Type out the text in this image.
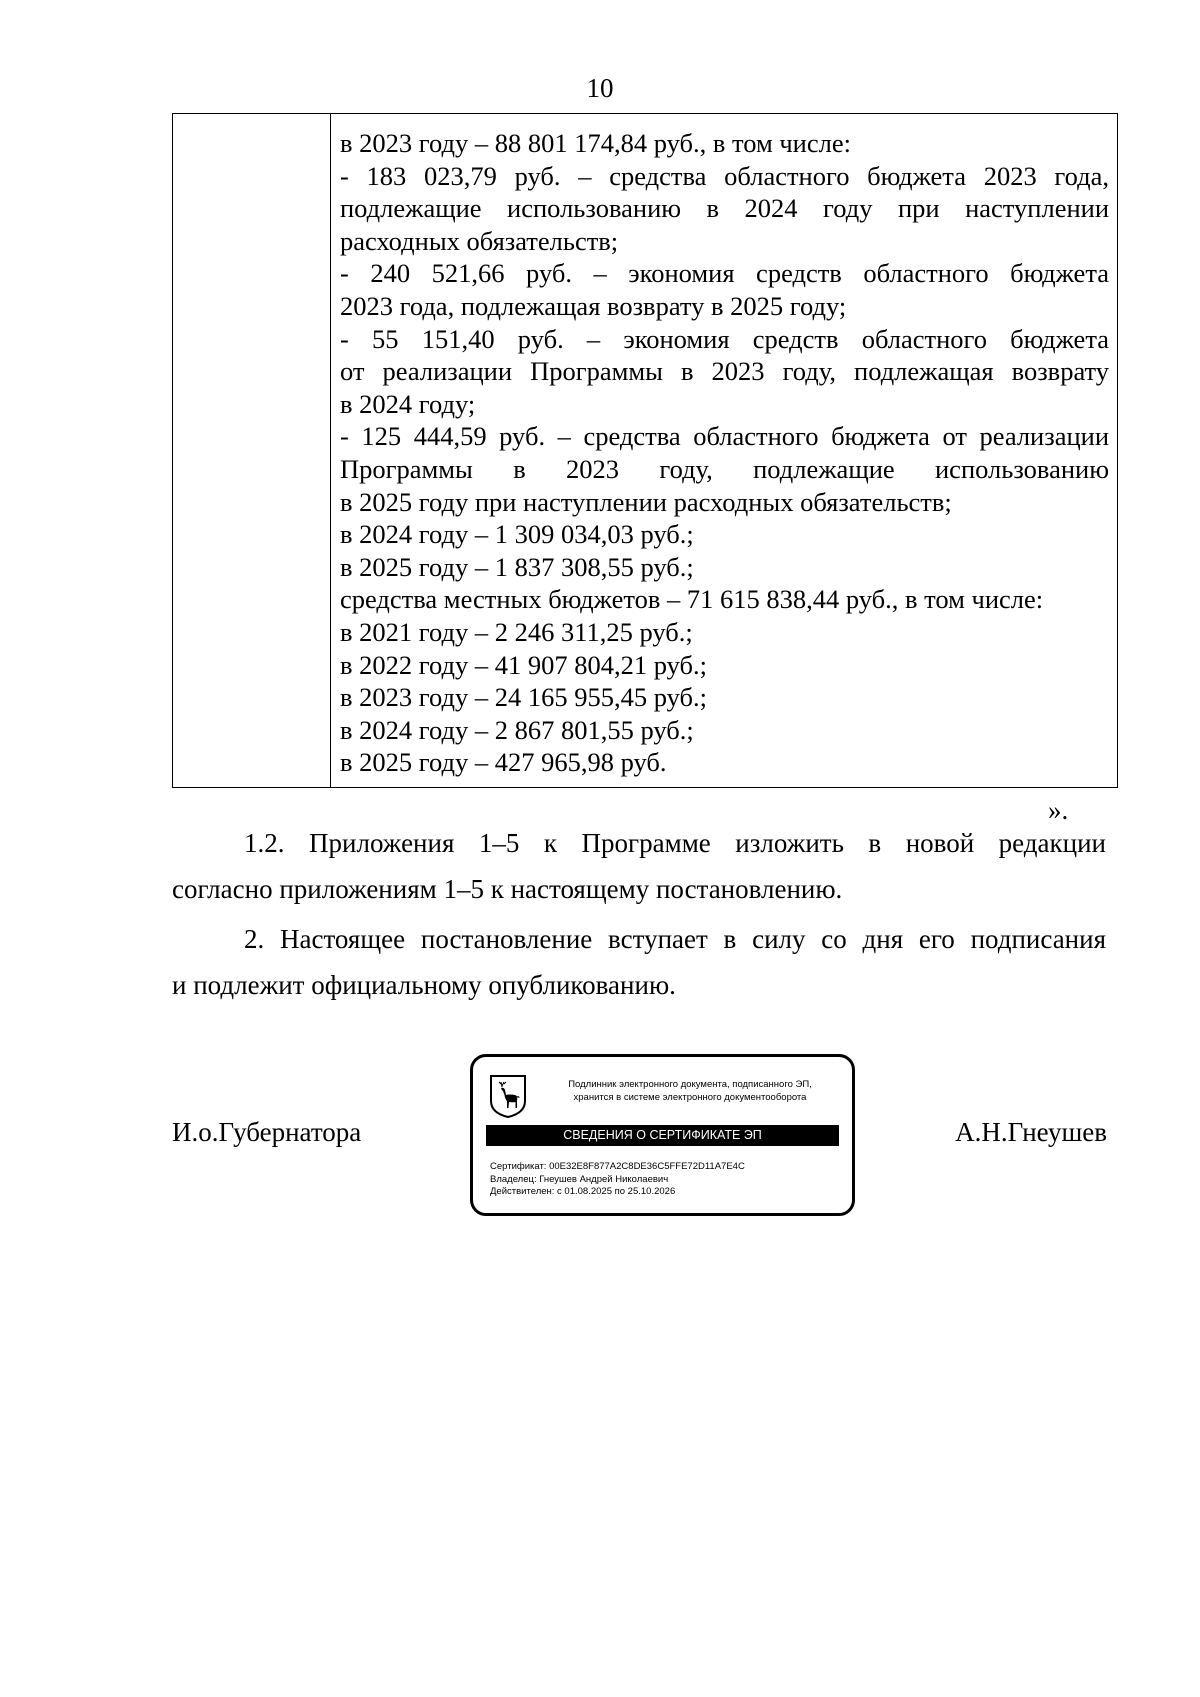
10
в 2023 году – 88 801 174,84 руб., в том числе:
- 183 023,79 руб. – средства областного бюджета 2023 года,
подлежащие использованию в 2024 году при наступлении
расходных обязательств;
- 240 521,66 руб. – экономия средств областного бюджета
2023 года, подлежащая возврату в 2025 году;
- 55 151,40 руб. – экономия средств областного бюджета
от реализации Программы в 2023 году, подлежащая возврату
в 2024 году;
- 125 444,59 руб. – средства областного бюджета от реализации
Программы в 2023 году, подлежащие использованию
в 2025 году при наступлении расходных обязательств;
в 2024 году – 1 309 034,03 руб.;
в 2025 году – 1 837 308,55 руб.;
средства местных бюджетов – 71 615 838,44 руб., в том числе:
в 2021 году – 2 246 311,25 руб.;
в 2022 году – 41 907 804,21 руб.;
в 2023 году – 24 165 955,45 руб.;
в 2024 году – 2 867 801,55 руб.;
в 2025 году – 427 965,98 руб.
».
1.2. Приложения 1–5 к Программе изложить в новой редакции
согласно приложениям 1–5 к настоящему постановлению.
2. Настоящее постановление вступает в силу со дня его подписания
и подлежит официальному опубликованию.
И.о.Губернатора	А.Н.Гнеушев
Подлинник электронного документа, подписанного ЭП,
хранится в системе электронного документооборота
СВЕДЕНИЯ О СЕРТИФИКАТЕ ЭП
Сертификат: 00E32E8F877A2C8DE36C5FFE72D11A7E4C
Владелец: Гнеушев Андрей Николаевич
Действителен: с 01.08.2025 по 25.10.2026
